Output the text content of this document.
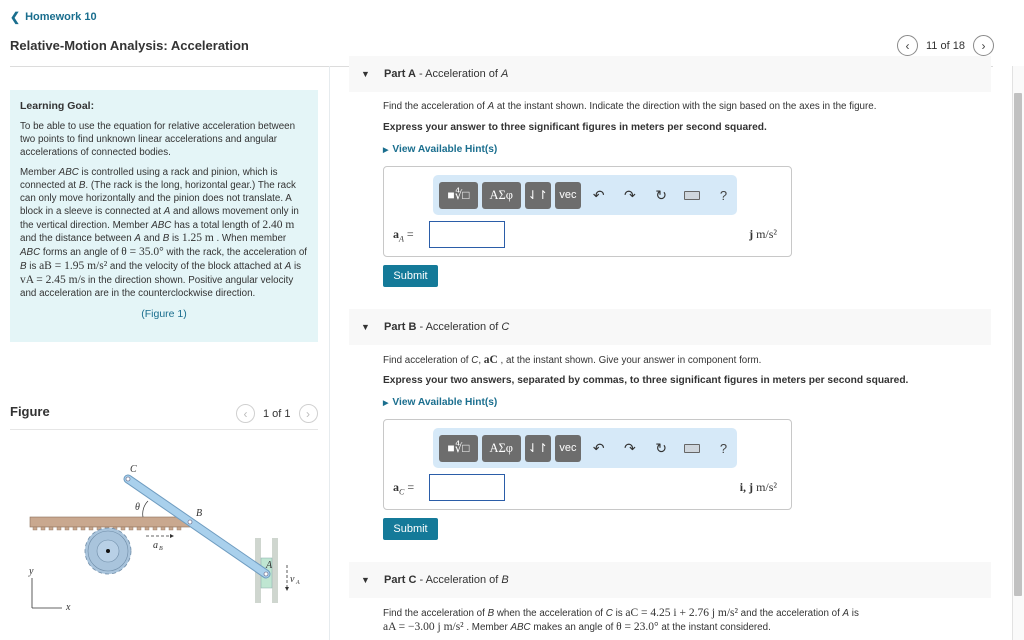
❮ Homework 10
Relative-Motion Analysis: Acceleration	‹ 11 of 18 ›
Learning Goal:

To be able to use the equation for relative acceleration between two points to find unknown linear accelerations and angular accelerations of connected bodies.

Member ABC is controlled using a rack and pinion, which is connected at B. (The rack is the long, horizontal gear.) The rack can only move horizontally and the pinion does not translate. A block in a sleeve is connected at A and allows movement only in the vertical direction. Member ABC has a total length of 2.40 m and the distance between A and B is 1.25 m . When member ABC forms an angle of θ = 35.0° with the rack, the acceleration of B is aB = 1.95 m/s² and the velocity of the block attached at A is vA = 2.45 m/s in the direction shown. Positive angular velocity and acceleration are in the counterclockwise direction.

(Figure 1)
Figure	‹ 1 of 1 ›
C
B
A
θ
a B
v A
y
x
▼	Part A - Acceleration of A
Find the acceleration of A at the instant shown. Indicate the direction with the sign based on the axes in the figure.
Express your answer to three significant figures in meters per second squared.
▶ View Available Hint(s)
■∜□	ΑΣφ	⇃↾	vec	↶	↷	↻	?
$a_A$ =	j m/s²
Submit
▼	Part B - Acceleration of C
Find acceleration of C, aC , at the instant shown. Give your answer in component form.
Express your two answers, separated by commas, to three significant figures in meters per second squared.
▶ View Available Hint(s)
■∜□	ΑΣφ	⇃↾	vec	↶	↷	↻	?
$a_C$ =	i, j m/s²
Submit
▼	Part C - Acceleration of B
Find the acceleration of B when the acceleration of C is aC = 4.25 i + 2.76 j m/s² and the acceleration of A is
aA = −3.00 j m/s² . Member ABC makes an angle of θ = 23.0° at the instant considered.
